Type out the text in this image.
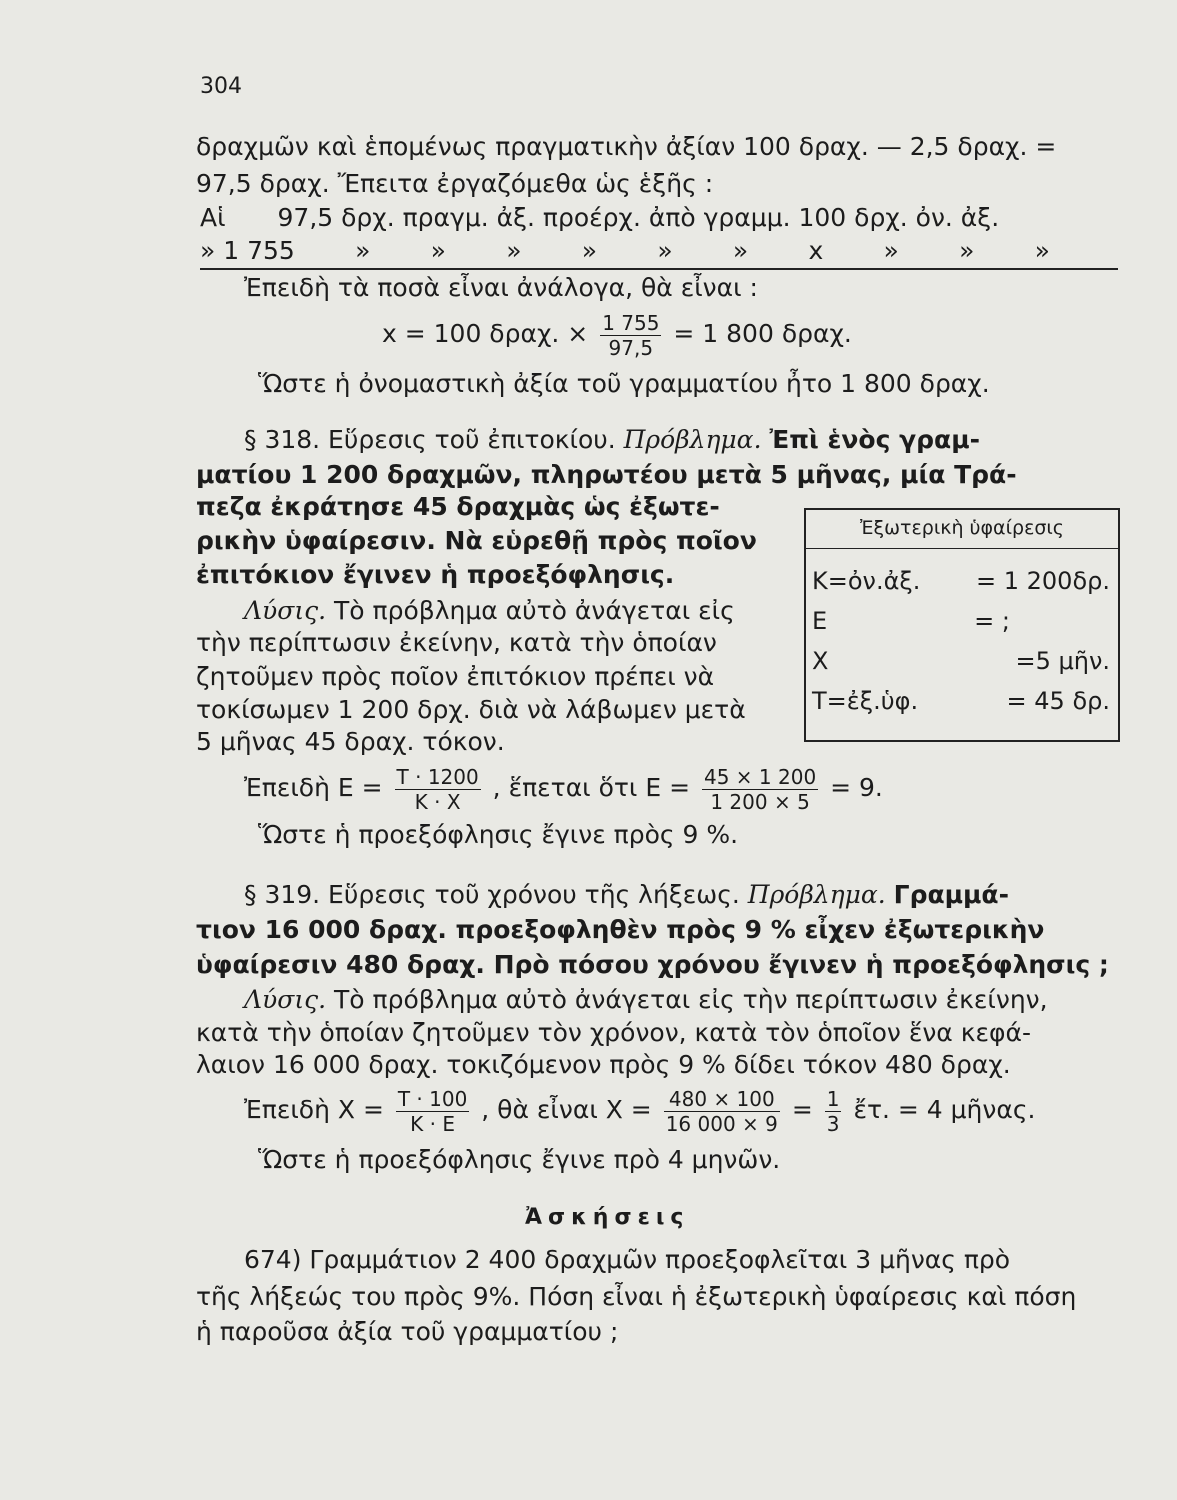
304
δραχμῶν καὶ ἑπομένως πραγματικὴν ἀξίαν 100 δραχ. — 2,5 δραχ. =
97,5 δραχ. Ἔπειτα ἐργαζόμεθα ὡς ἑξῆς :
Αἱ 97,5 δρχ. πραγμ. ἀξ. προέρχ. ἀπὸ γραμμ. 100 δρχ. ὀν. ἀξ.
» 1 755 » » » » » » x » » »
Ἐπειδὴ τὰ ποσὰ εἶναι ἀνάλογα, θὰ εἶναι :
x = 100 δραχ. × $\frac{1 755}{97,5} = 1$ 800 δραχ.
Ὥστε ἡ ὀνομαστικὴ ἀξία τοῦ γραμματίου ἦτο 1 800 δραχ.
§ 318. Εὕρεσις τοῦ ἐπιτοκίου. Πρόβλημα. Ἐπὶ ἑνὸς γραμ-
ματίου 1 200 δραχμῶν, πληρωτέου μετὰ 5 μῆνας, μία Τρά-
πεζα ἐκράτησε 45 δραχμὰς ὡς ἐξωτε-
ρικὴν ὑφαίρεσιν. Νὰ εὑρεθῇ πρὸς ποῖον
ἐπιτόκιον ἔγινεν ἡ προεξόφλησις.
Λύσις. Τὸ πρόβλημα αὐτὸ ἀνάγεται εἰς
τὴν περίπτωσιν ἐκείνην, κατὰ τὴν ὁποίαν
ζητοῦμεν πρὸς ποῖον ἐπιτόκιον πρέπει νὰ
τοκίσωμεν 1 200 δρχ. διὰ νὰ λάβωμεν μετὰ
5 μῆνας 45 δραχ. τόκον.
Ἐξωτερικὴ ὑφαίρεσις
Κ=ὀν.ἀξ. = 1 200δρ.
Ε	= ;
Χ	=5 μῆν.
Τ=ἐξ.ὑφ.	= 45 δρ.
Ἐπειδὴ $E = \frac{T \cdot 1200}{K \cdot X}$ , ἕπεται ὅτι $E = \frac{45 \times 1 200}{1 200 \times 5} = 9$.
Ὥστε ἡ προεξόφλησις ἔγινε πρὸς 9 %.
§ 319. Εὕρεσις τοῦ χρόνου τῆς λήξεως. Πρόβλημα. Γραμμά-
τιον 16 000 δραχ. προεξοφληθὲν πρὸς 9 % εἶχεν ἐξωτερικὴν
ὑφαίρεσιν 480 δραχ. Πρὸ πόσου χρόνου ἔγινεν ἡ προεξόφλησις ;
Λύσις. Τὸ πρόβλημα αὐτὸ ἀνάγεται εἰς τὴν περίπτωσιν ἐκείνην,
κατὰ τὴν ὁποίαν ζητοῦμεν τὸν χρόνον, κατὰ τὸν ὁποῖον ἕνα κεφά-
λαιον 16 000 δραχ. τοκιζόμενον πρὸς 9 % δίδει τόκον 480 δραχ.
Ἐπειδὴ $X = \frac{T \cdot 100}{K \cdot E}$ , θὰ εἶναι $X = \frac{480 \times 100}{16 000 \times 9} = \frac{1}{3}$ ἔτ. = 4 μῆνας.
Ὥστε ἡ προεξόφλησις ἔγινε πρὸ 4 μηνῶν.
Ἀσκήσεις
674) Γραμμάτιον 2 400 δραχμῶν προεξοφλεῖται 3 μῆνας πρὸ
τῆς λήξεώς του πρὸς 9%. Πόση εἶναι ἡ ἐξωτερικὴ ὑφαίρεσις καὶ πόση
ἡ παροῦσα ἀξία τοῦ γραμματίου ;
